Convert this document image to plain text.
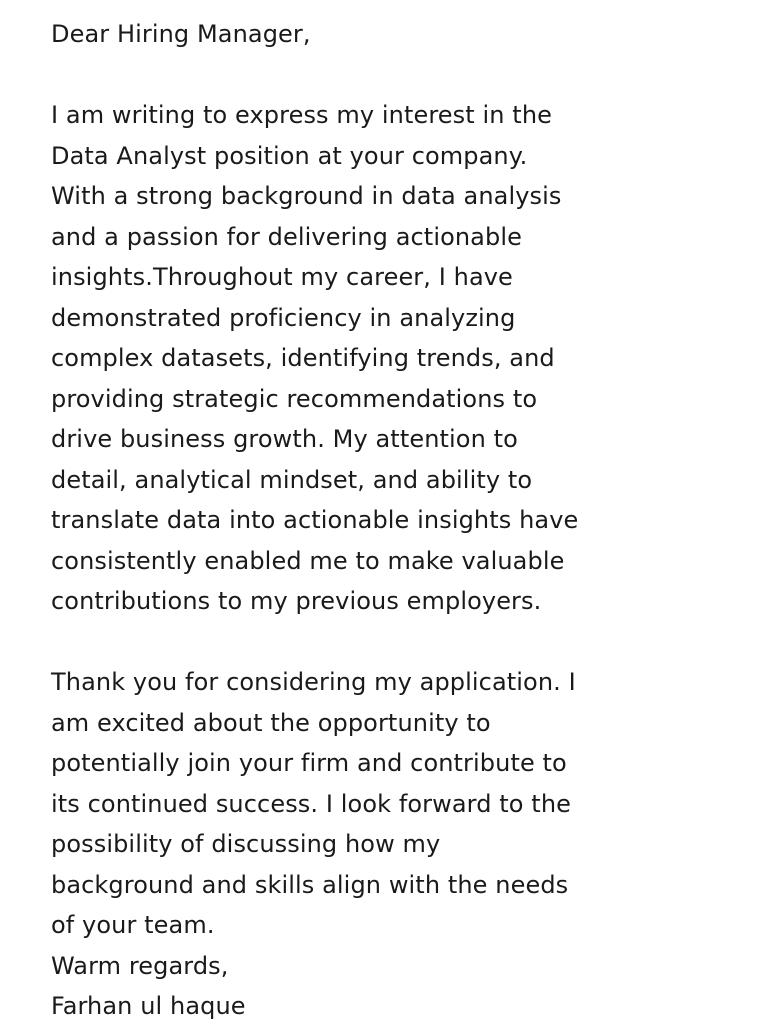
Dear Hiring Manager,
I am writing to express my interest in the
Data Analyst position at your company.
With a strong background in data analysis
and a passion for delivering actionable
insights.Throughout my career, I have
demonstrated proficiency in analyzing
complex datasets, identifying trends, and
providing strategic recommendations to
drive business growth. My attention to
detail, analytical mindset, and ability to
translate data into actionable insights have
consistently enabled me to make valuable
contributions to my previous employers.
Thank you for considering my application. I
am excited about the opportunity to
potentially join your firm and contribute to
its continued success. I look forward to the
possibility of discussing how my
background and skills align with the needs
of your team.
Warm regards,
Farhan ul haque
